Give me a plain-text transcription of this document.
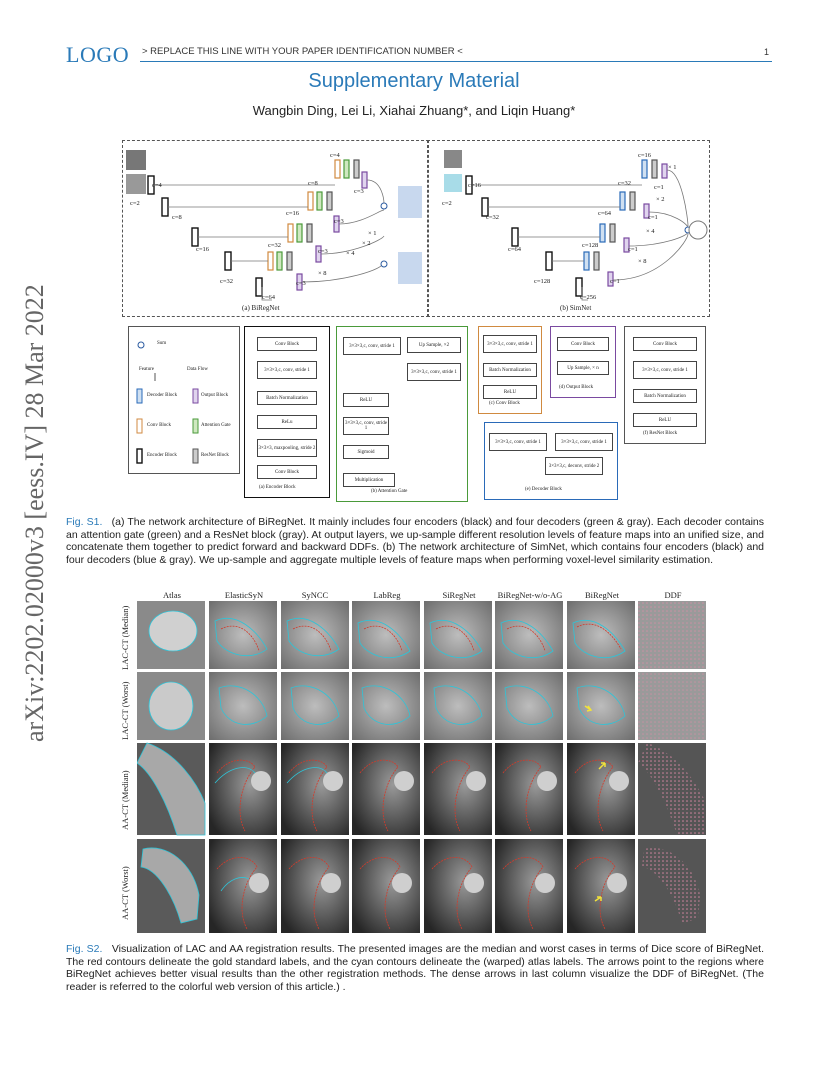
LOGO > REPLACE THIS LINE WITH YOUR PAPER IDENTIFICATION NUMBER <	1
Supplementary Material
Wangbin Ding, Lei Li, Xiahai Zhuang*, and Liqin Huang*
arXiv:2202.02000v3 [eess.IV] 28 Mar 2022
c=4
c=4
c=2
c=8
c=8
c=16
c=16
c=32
c=32
c=64
c=3
c=3
c=3
c=3
× 1
× 2
× 4
× 8
(a) BiRegNet
c=16
c=16
c=2
c=32
c=32
c=64
c=64
c=128
c=128
c=256
c=1
c=1
c=1
c=1
× 1
× 2
× 4
× 8
(b) SimNet
Sum
Feature	Data Flow
Decoder Block	Output Block
Conv Block	Attention Gate
Encoder Block	ResNet Block
Conv Block
3×3×3,c, conv, stride 1
Batch Normalization
ReLu
3×3×3, maxpooling, stride 2
Conv Block
(a) Encoder Block
3×3×3,c, conv, stride 1	Up Sample, ×2
3×3×3,c, conv, stride 1
ReLU
3×3×3,c, conv, stride 1
Sigmoid
Multiplication
(b) Attention Gate
3×3×3,c, conv, stride 1
Batch Normalization
ReLU
(c) Conv Block
Conv Block
Up Sample, × n
(d) Output Block
Conv Block
3×3×3,c, conv, stride 1
Batch Normalization
ReLU
(f) ResNet Block
3×3×3,c, conv, stride 1	3×3×3,c, conv, stride 1
3×3×3,c, deconv, stride 2
(e) Decoder Block
Fig. S1. (a) The network architecture of BiRegNet. It mainly includes four encoders (black) and four decoders (green & gray). Each decoder contains an attention gate (green) and a ResNet block (gray). At output layers, we up-sample different resolution levels of feature maps into an unified size, and concatenate them together to predict forward and backward DDFs. (b) The network architecture of SimNet, which contains four encoders (black) and four decoders (blue & gray). We up-sample and aggregate multiple levels of feature maps when performing voxel-level similarity estimation.
Atlas	ElasticSyN	SyNCC	LabReg	SiRegNet	BiRegNet-w/o-AG	BiRegNet	DDF
LAC-CT (Median)
LAC-CT (Worst)
AA-CT (Median)
AA-CT (Worst)
Fig. S2. Visualization of LAC and AA registration results. The presented images are the median and worst cases in terms of Dice score of BiRegNet. The red contours delineate the gold standard labels, and the cyan contours delineate the (warped) atlas labels. The arrows point to the regions where BiRegNet achieves better visual results than the other registration methods. The dense arrows in last column visualize the DDF of BiRegNet. (The reader is referred to the colorful web version of this article.) .
